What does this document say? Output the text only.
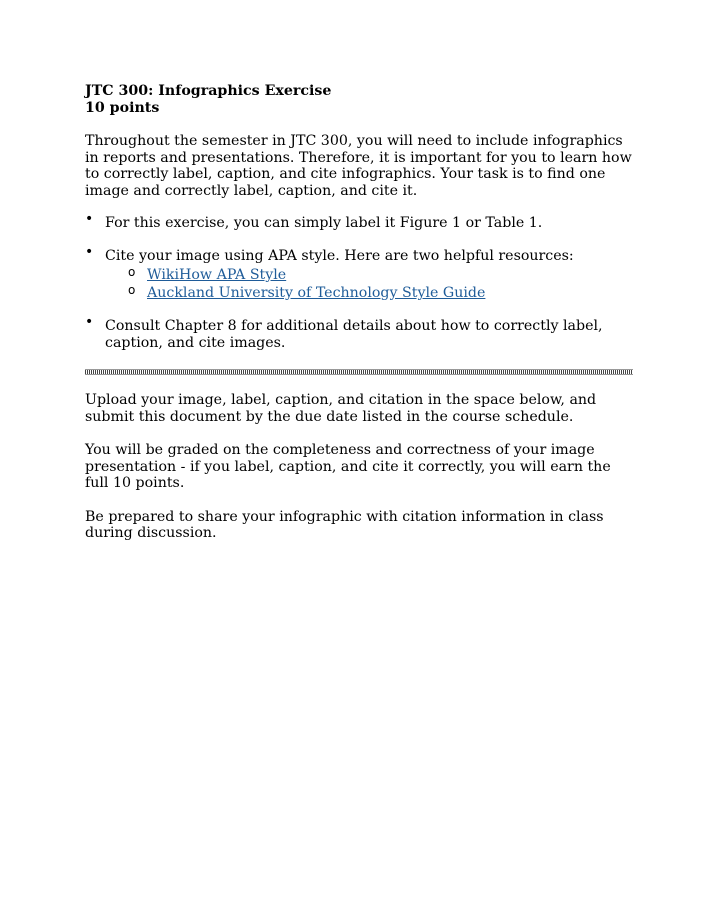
JTC 300: Infographics Exercise

10 points

Throughout the semester in JTC 300, you will need to include infographics in reports and presentations. Therefore, it is important for you to learn how to correctly label, caption, and cite infographics. Your task is to find one image and correctly label, caption, and cite it.

• For this exercise, you can simply label it Figure 1 or Table 1.

• Cite your image using APA style. Here are two helpful resources:
o WikiHow APA Style
o Auckland University of Technology Style Guide

• Consult Chapter 8 for additional details about how to correctly label, caption, and cite images.

Upload your image, label, caption, and citation in the space below, and submit this document by the due date listed in the course schedule.

You will be graded on the completeness and correctness of your image presentation - if you label, caption, and cite it correctly, you will earn the full 10 points.

Be prepared to share your infographic with citation information in class during discussion.
